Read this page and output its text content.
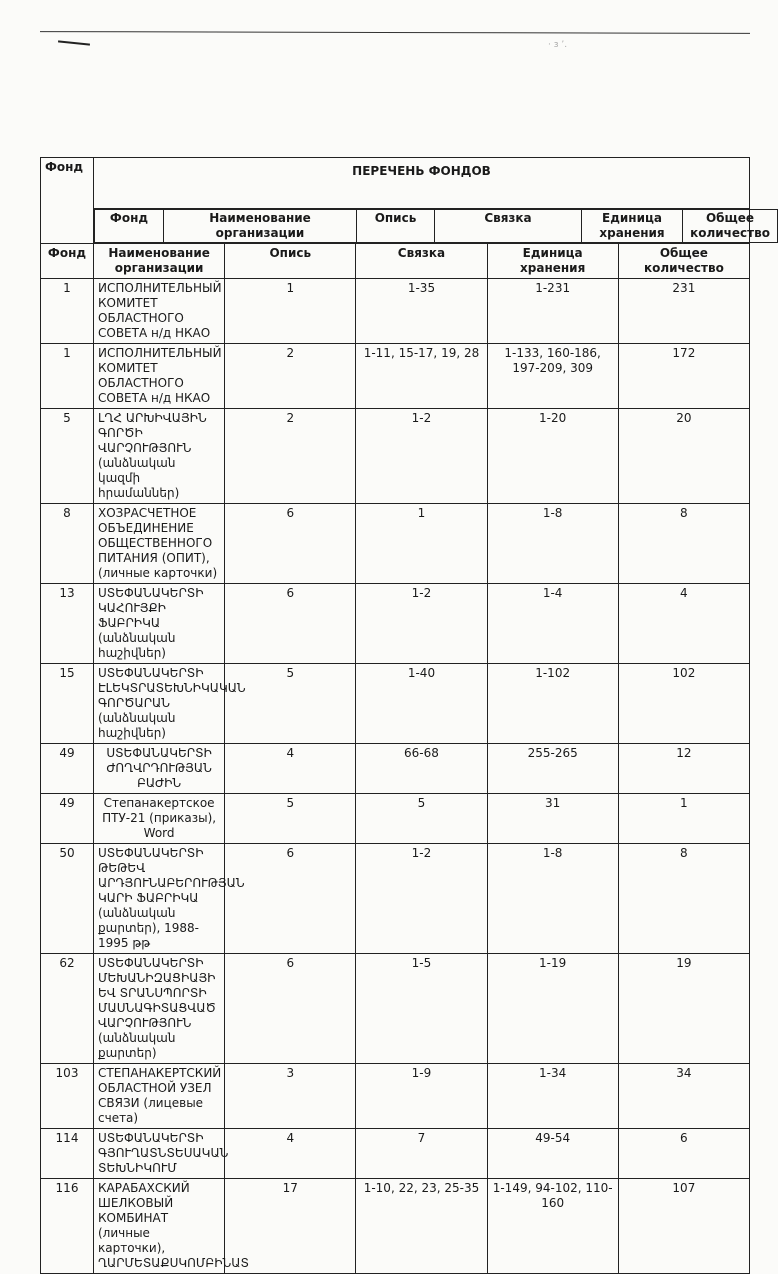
· з ’.
Фонд	ПЕРЕЧЕНЬ ФОНДОВ

Фонд	Наименование организации	Опись	Связка	Единица хранения	Общее количество

Фонд	Наименование организации	Опись	Связка	Единица хранения	Общее количество
1	ИСПОЛНИТЕЛЬНЫЙ КОМИТЕТ ОБЛАСТНОГО СОВЕТА н/д НКАО	1	1-35	1-231	231
1	ИСПОЛНИТЕЛЬНЫЙ КОМИТЕТ ОБЛАСТНОГО СОВЕТА н/д НКАО	2	1-11, 15-17, 19, 28	1-133, 160-186, 197-209, 309	172
5	ԼՂՀ ԱՐԽԻՎԱՅԻՆ ԳՈՐԾԻ ՎԱՐՉՈՒԹՅՈՒՆ (անձնական կազմի հրամաններ)	2	1-2	1-20	20
8	ХОЗРАСЧЕТНОЕ ОБЪЕДИНЕНИЕ ОБЩЕСТВЕННОГО ПИТАНИЯ (ОПИТ), (личные карточки)	6	1	1-8	8
13	ՍՏԵՓԱՆԱԿԵՐՏԻ ԿԱՀՈՒՅՔԻ ՖԱԲՐԻԿԱ (անձնական հաշիվներ)	6	1-2	1-4	4
15	ՍՏԵՓԱՆԱԿԵՐՏԻ ԷԼԵԿՏՐԱՏԵԽՆԻԿԱԿԱՆ ԳՈՐԾԱՐԱՆ (անձնական հաշիվներ)	5	1-40	1-102	102
49	ՍՏԵՓԱՆԱԿԵՐՏԻ ԺՈՂՎՐԴՈՒԹՅԱՆ ԲԱԺԻՆ	4	66-68	255-265	12
49	Степанакертское ПТУ-21 (приказы), Word	5	5	31	1
50	ՍՏԵՓԱՆԱԿԵՐՏԻ ԹԵԹԵՎ ԱՐԴՅՈՒՆԱԲԵՐՈՒԹՅԱՆ ԿԱՐԻ ՖԱԲՐԻԿԱ (անձնական քարտեր), 1988-1995 թթ	6	1-2	1-8	8
62	ՍՏԵՓԱՆԱԿԵՐՏԻ ՄԵԽԱՆԻԶԱՑԻԱՅԻ ԵՎ ՏՐԱՆՍՊՈՐՏԻ ՄԱՍՆԱԳԻՏԱՑՎԱԾ ՎԱՐՉՈՒԹՅՈՒՆ (անձնական քարտեր)	6	1-5	1-19	19
103	СТЕПАНАКЕРТСКИЙ ОБЛАСТНОЙ УЗЕЛ СВЯЗИ (лицевые счета)	3	1-9	1-34	34
114	ՍՏԵՓԱՆԱԿԵՐՏԻ ԳՅՈՒՂԱՏՆՏԵՍԱԿԱՆ ՏԵԽՆԻԿՈՒՄ	4	7	49-54	6
116	КАРАБАХСКИЙ ШЕЛКОВЫЙ КОМБИНАТ (личные карточки), ՂԱՐՄԵՏԱՔՍԿՈՄԲԻՆԱՏ	17	1-10, 22, 23, 25-35	1-149, 94-102, 110-160	107
